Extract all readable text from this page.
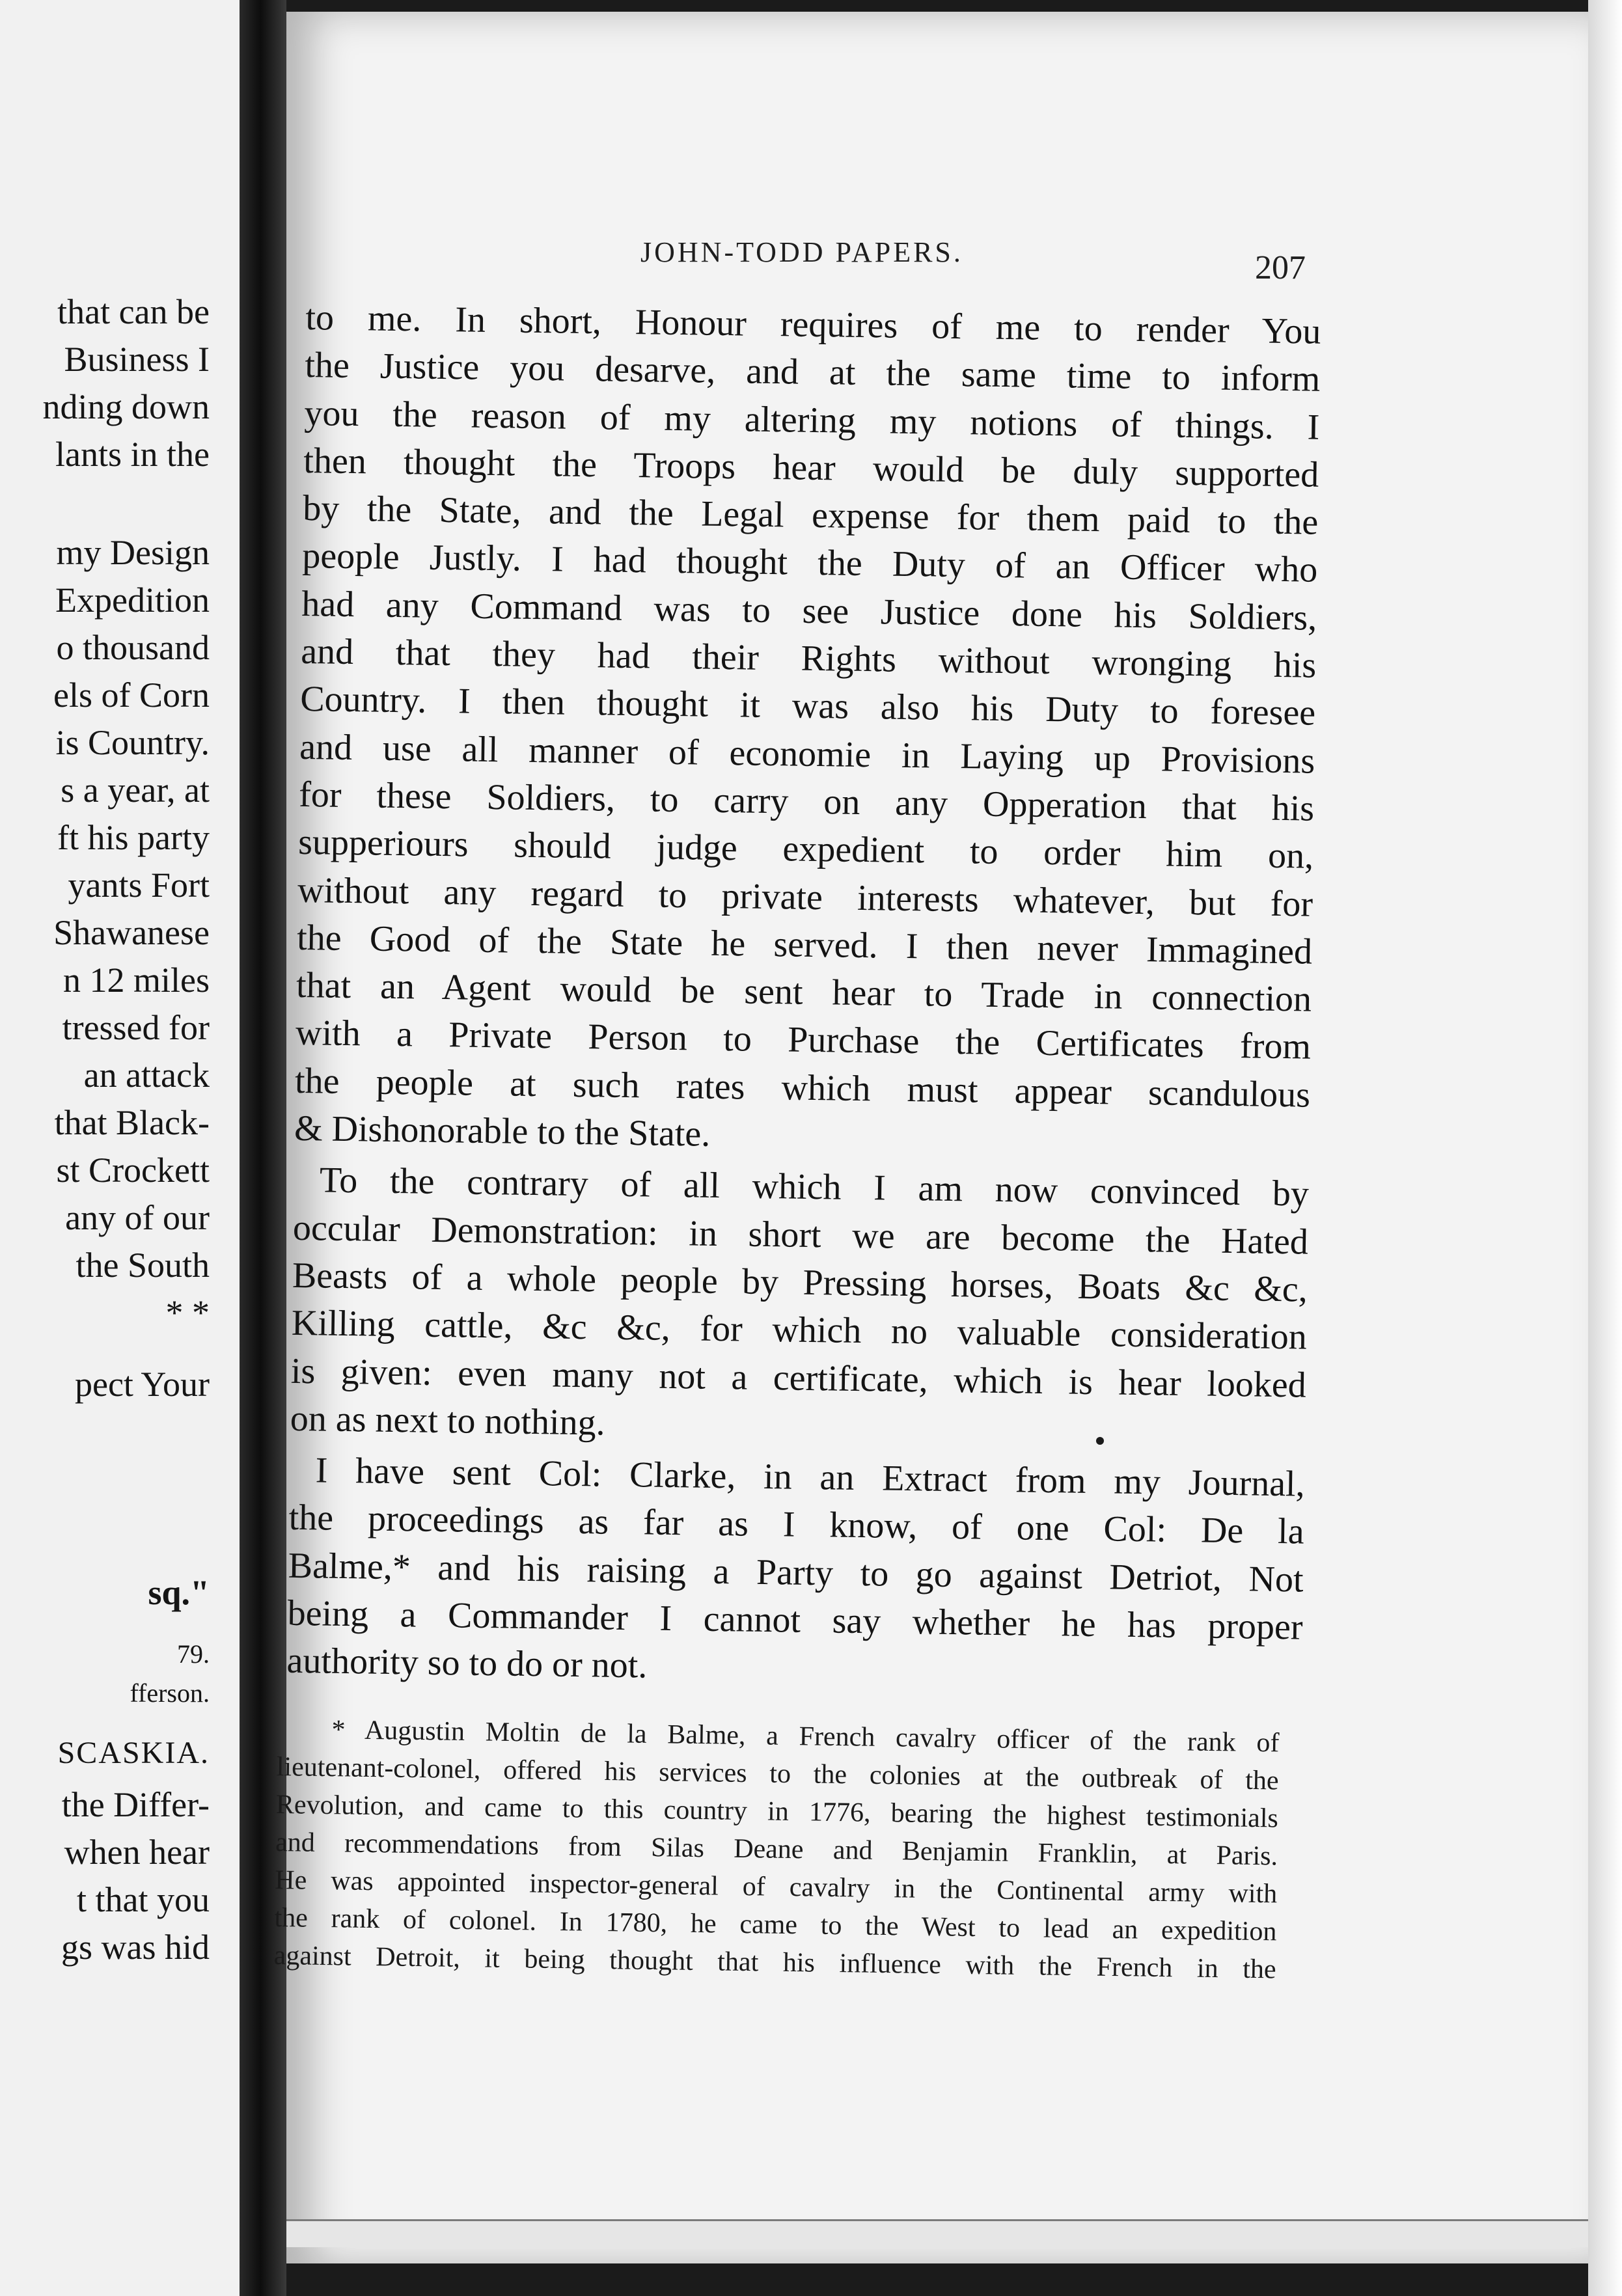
that can be
Business I
nding down
lants in the
my Design
Expedition
o thousand
els of Corn
is Country.
s a year, at
ft his party
yants Fort
Shawanese
n 12 miles
tressed for
an attack
that Black-
st Crockett
any of our
the South
* *
pect Your
sq."
79.
fferson.
SCASKIA.
the Differ-
when hear
t that you
gs was hid
JOHN-TODD PAPERS.	207
to me. In short, Honour requires of me to render You
the Justice you desarve, and at the same time to inform
you the reason of my altering my notions of things. I
then thought the Troops hear would be duly supported
by the State, and the Legal expense for them paid to the
people Justly. I had thought the Duty of an Officer who
had any Command was to see Justice done his Soldiers,
and that they had their Rights without wronging his
Country. I then thought it was also his Duty to foresee
and use all manner of economie in Laying up Provisions
for these Soldiers, to carry on any Opperation that his
supperiours should judge expedient to order him on,
without any regard to private interests whatever, but for
the Good of the State he served. I then never Immagined
that an Agent would be sent hear to Trade in connection
with a Private Person to Purchase the Certificates from
the people at such rates which must appear scandulous
& Dishonorable to the State.
To the contrary of all which I am now convinced by
occular Demonstration: in short we are become the Hated
Beasts of a whole people by Pressing horses, Boats &c &c,
Killing cattle, &c &c, for which no valuable consideration
is given: even many not a certificate, which is hear looked
on as next to nothing.
I have sent Col: Clarke, in an Extract from my Journal,
the proceedings as far as I know, of one Col: De la
Balme,* and his raising a Party to go against Detriot, Not
being a Commander I cannot say whether he has proper
authority so to do or not.
* Augustin Moltin de la Balme, a French cavalry officer of the rank of
lieutenant-colonel, offered his services to the colonies at the outbreak of the
Revolution, and came to this country in 1776, bearing the highest testimonials
and recommendations from Silas Deane and Benjamin Franklin, at Paris.
He was appointed inspector-general of cavalry in the Continental army with
the rank of colonel. In 1780, he came to the West to lead an expedition
against Detroit, it being thought that his influence with the French in the
